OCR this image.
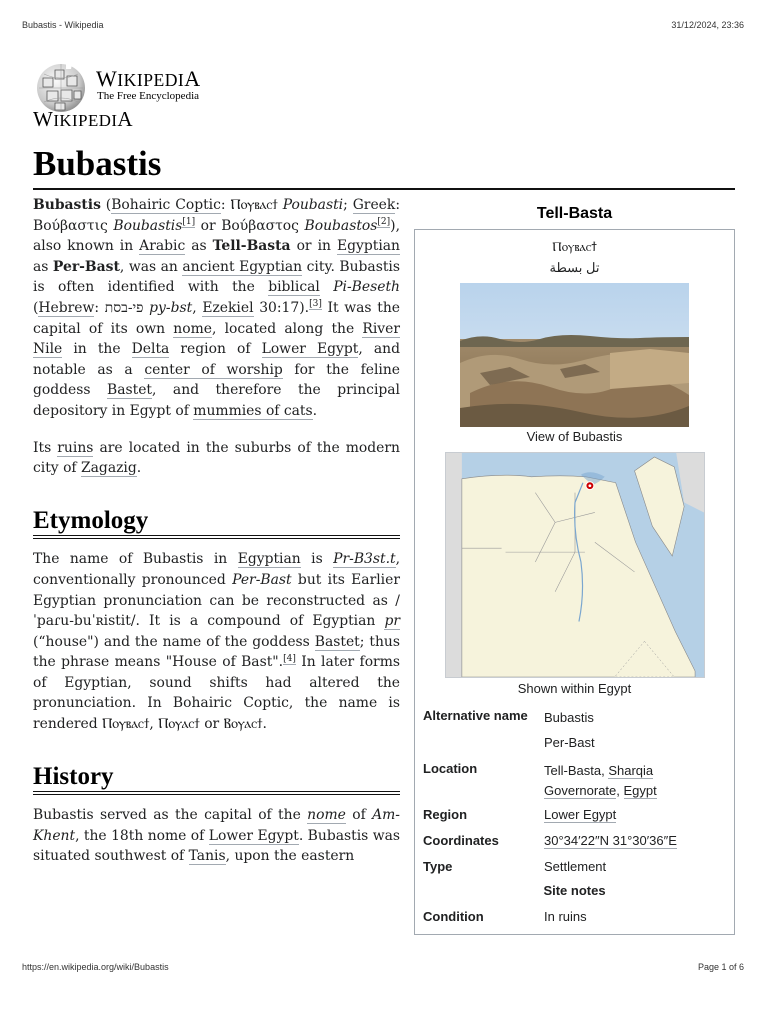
Bubastis - Wikipedia	31/12/2024, 23:36
WIKIPEDIA
The Free Encyclopedia
WIKIPEDIA
Bubastis

Bubastis (Bohairic Coptic: Ⲡⲟⲩⲃⲁⲥϯ Poubasti; Greek: Βούβαστις Boubastis[1] or Βούβαστος Boubastos[2]), also known in Arabic as Tell-Basta or in Egyptian as Per-Bast, was an ancient Egyptian city. Bubastis is often identified with the biblical Pi-Beseth (Hebrew: פי-בסת py-bst, Ezekiel 30:17).[3] It was the capital of its own nome, located along the River Nile in the Delta region of Lower Egypt, and notable as a center of worship for the feline goddess Bastet, and therefore the principal depository in Egypt of mummies of cats.

Its ruins are located in the suburbs of the modern city of Zagazig.

Etymology

The name of Bubastis in Egyptian is Pr-B3st.t, conventionally pronounced Per-Bast but its Earlier Egyptian pronunciation can be reconstructed as /ˈpaɾu-buˈʀistit/. It is a compound of Egyptian pr (“house") and the name of the goddess Bastet; thus the phrase means "House of Bast".[4] In later forms of Egyptian, sound shifts had altered the pronunciation. In Bohairic Coptic, the name is rendered Ⲡⲟⲩⲃⲁⲥϯ, Ⲡⲟⲩⲁⲥϯ or Ⲃⲟⲩⲁⲥϯ.

History

Bubastis served as the capital of the nome of Am-Khent, the 18th nome of Lower Egypt. Bubastis was situated southwest of Tanis, upon the eastern

Tell-Basta
Ⲡⲟⲩⲃⲁⲥϯ
تل بسطة
View of Bubastis
Shown within Egypt
Alternative name Bubastis
Per-Bast
Location	Tell-Basta, Sharqia
Governorate, Egypt
Region	Lower Egypt
Coordinates	30°34′22″N 31°30′36″E
Type	Settlement
Site notes
Condition	In ruins
https://en.wikipedia.org/wiki/Bubastis	Page 1 of 6
